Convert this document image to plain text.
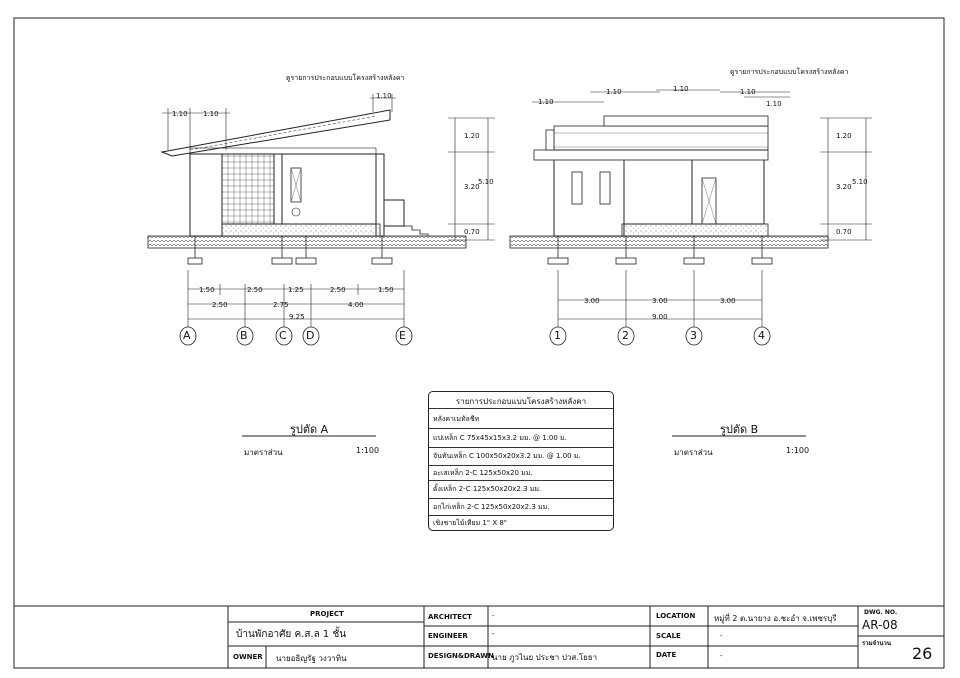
ดูรายการประกอบแบบโครงสร้างหลังคา
1.10 1.10
1.10
1.20
3.20
5.10
0.70
1.50	2.50	1.25	2.50	1.50
2.50	2.75	4.00
9.25
A	B	C D	E
รูปตัด A
มาตราส่วน	1:100
ดูรายการประกอบแบบโครงสร้างหลังคา
1.10
1.10	1.10	1.10
1.10
1.20
3.20
5.10
0.70
3.00	3.00	3.00
9.00
1	2	3	4
รูปตัด B
มาตราส่วน	1:100
รายการประกอบแบบโครงสร้างหลังคา
หลังคาเมทัลชีท
แปเหล็ก C 75x45x15x3.2 มม. @ 1.00 ม.
จันทันเหล็ก C 100x50x20x3.2 มม. @ 1.00 ม.
อะเสเหล็ก 2-C 125x50x20 มม.
ดั้งเหล็ก 2-C 125x50x20x2.3 มม.
อกไก่เหล็ก 2-C 125x50x20x2.3 มม.
เชิงชายไม้เทียม 1" X 8"
PROJECT
บ้านพักอาศัย ค.ส.ล 1 ชั้น
OWNER นายอธิญรัฐ วงวาทิน
ARCHITECT	-
ENGINEER	-
DESIGN&DRAWN
นาย ภูวไนย ประชา ปวส.โยธา
LOCATION หมู่ที่ 2 ต.นายาง อ.ชะอำ จ.เพชรบุรี
SCALE	-
DATE	-
DWG. NO.
AR-08
รวมจำนวน
26
